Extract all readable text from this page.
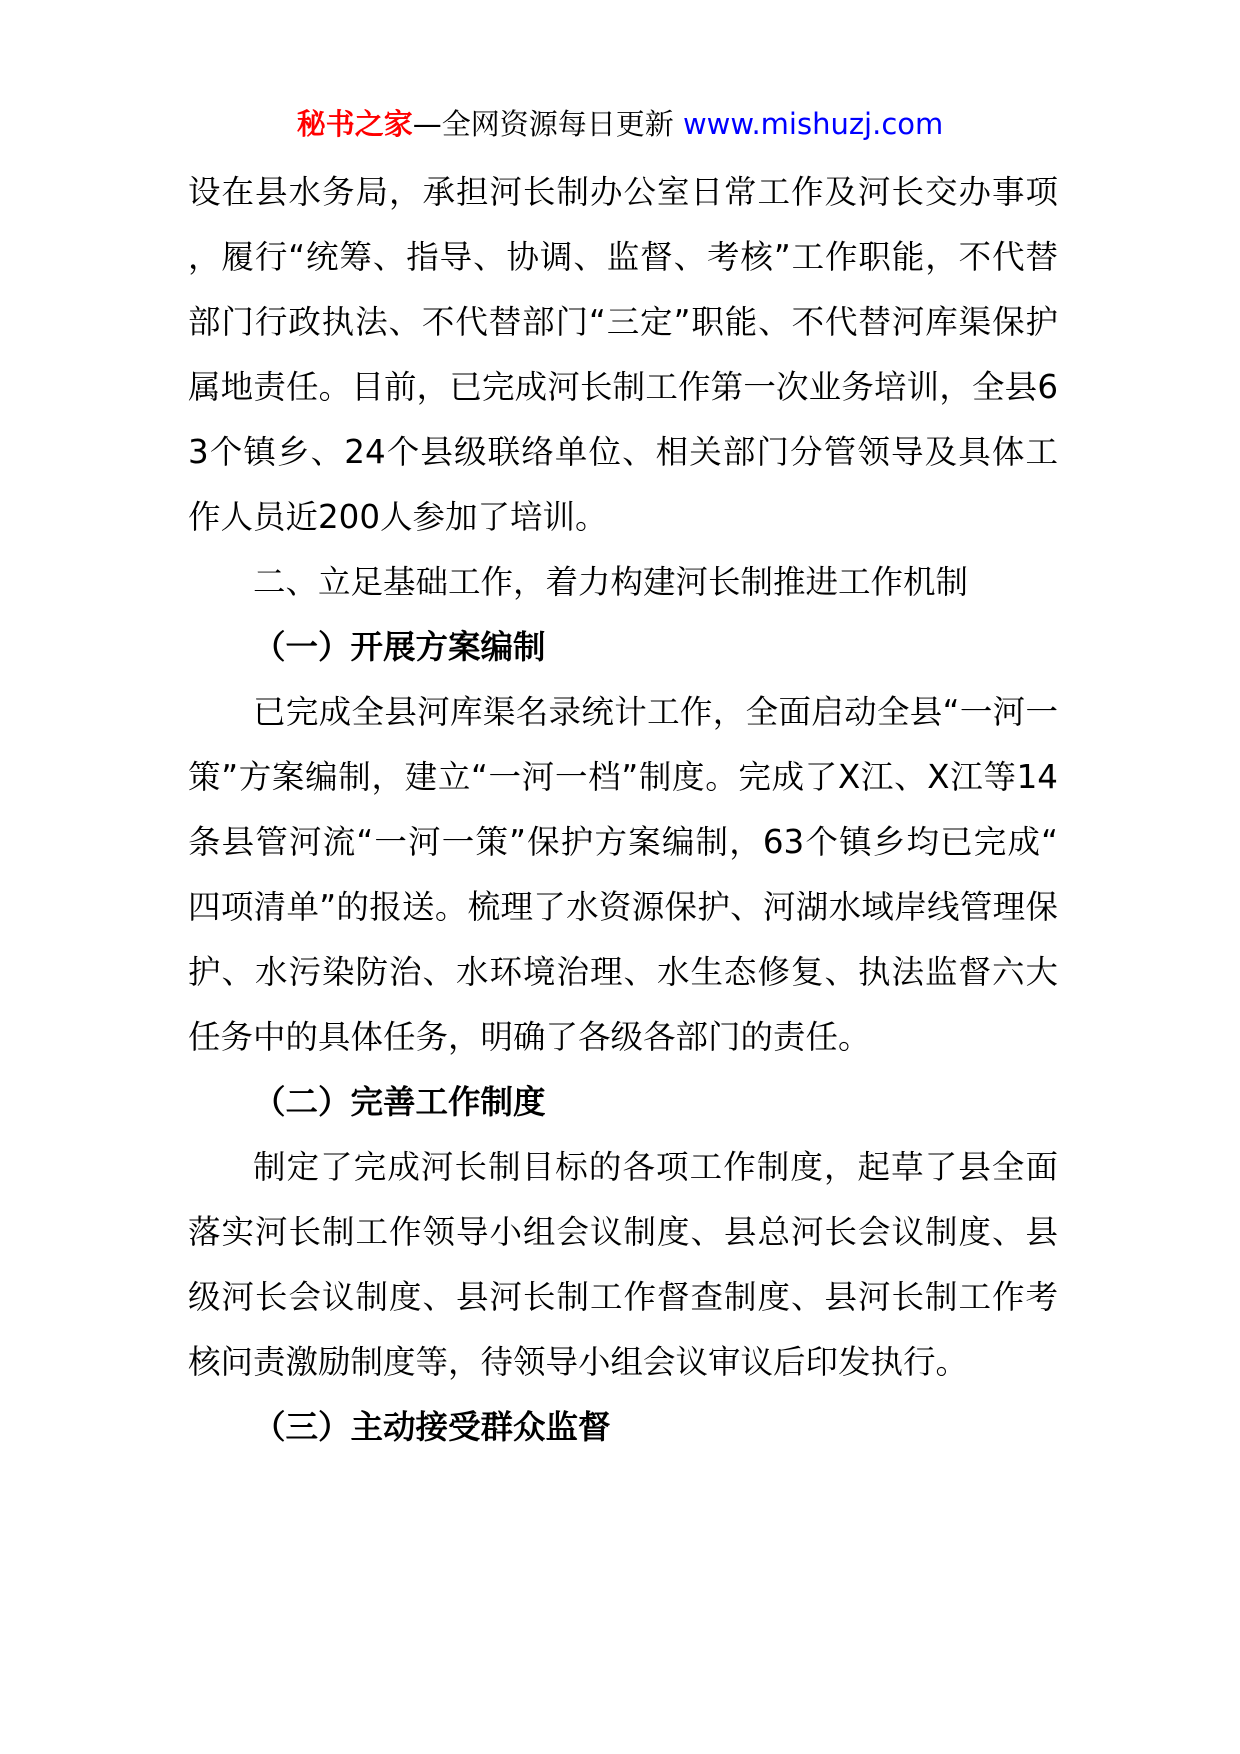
秘书之家—全网资源每日更新 www.mishuzj.com

设在县水务局，承担河长制办公室日常工作及河长交办事项，履行“统筹、指导、协调、监督、考核”工作职能，不代替部门行政执法、不代替部门“三定”职能、不代替河库渠保护属地责任。目前，已完成河长制工作第一次业务培训，全县63个镇乡、24个县级联络单位、相关部门分管领导及具体工作人员近200人参加了培训。

二、立足基础工作，着力构建河长制推进工作机制

（一）开展方案编制

已完成全县河库渠名录统计工作，全面启动全县“一河一策”方案编制，建立“一河一档”制度。完成了X江、X江等14条县管河流“一河一策”保护方案编制，63个镇乡均已完成“四项清单”的报送。梳理了水资源保护、河湖水域岸线管理保护、水污染防治、水环境治理、水生态修复、执法监督六大任务中的具体任务，明确了各级各部门的责任。

（二）完善工作制度

制定了完成河长制目标的各项工作制度，起草了县全面落实河长制工作领导小组会议制度、县总河长会议制度、县级河长会议制度、县河长制工作督查制度、县河长制工作考核问责激励制度等，待领导小组会议审议后印发执行。

（三）主动接受群众监督
